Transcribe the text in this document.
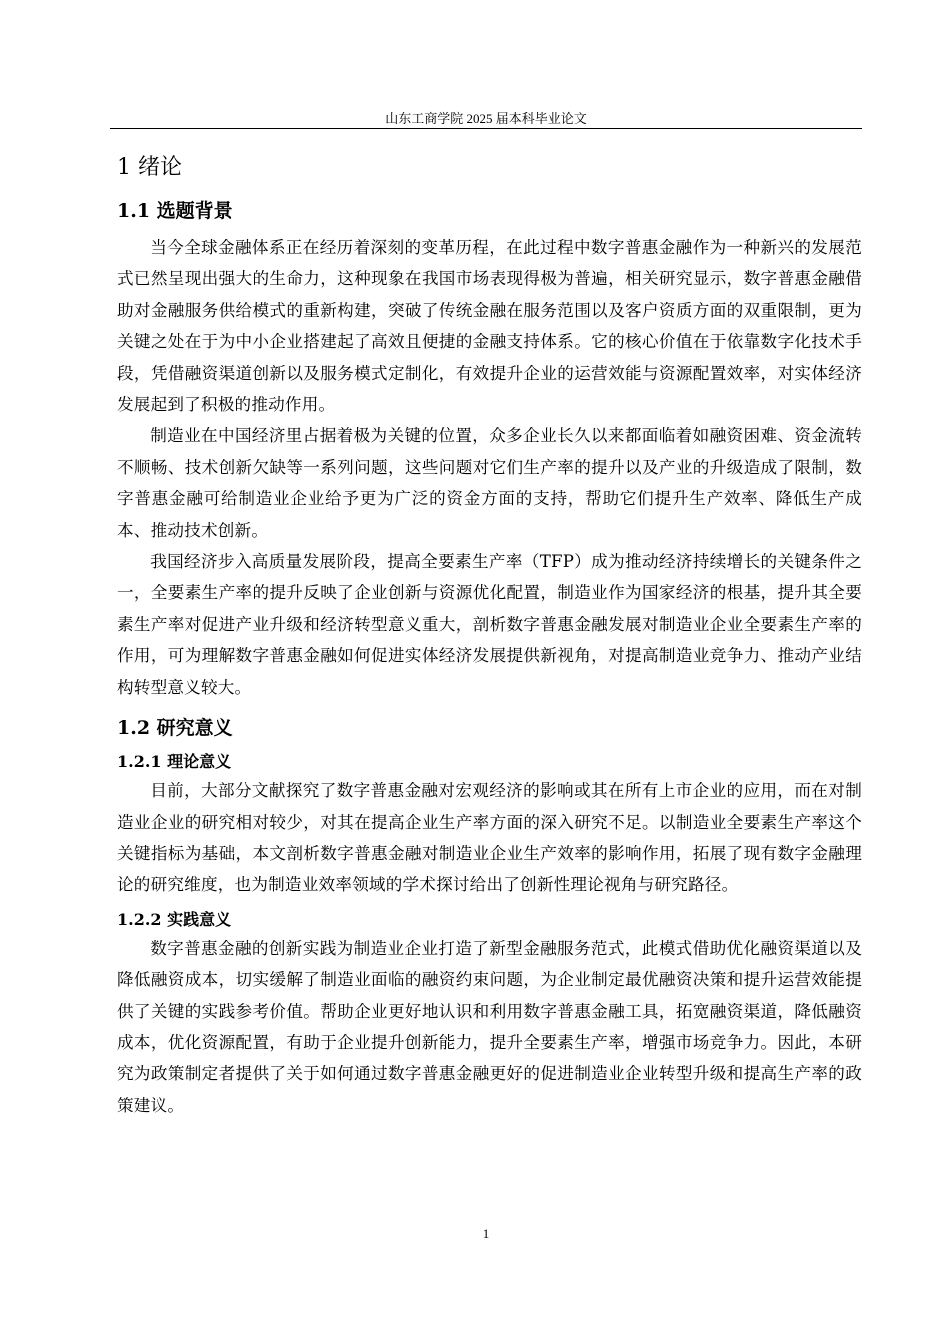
山东工商学院 2025 届本科毕业论文
1 绪论
1.1 选题背景

当今全球金融体系正在经历着深刻的变革历程，在此过程中数字普惠金融作为一种新兴的发展范式已然呈现出强大的生命力，这种现象在我国市场表现得极为普遍，相关研究显示，数字普惠金融借助对金融服务供给模式的重新构建，突破了传统金融在服务范围以及客户资质方面的双重限制，更为关键之处在于为中小企业搭建起了高效且便捷的金融支持体系。它的核心价值在于依靠数字化技术手段，凭借融资渠道创新以及服务模式定制化，有效提升企业的运营效能与资源配置效率，对实体经济发展起到了积极的推动作用。

制造业在中国经济里占据着极为关键的位置，众多企业长久以来都面临着如融资困难、资金流转不顺畅、技术创新欠缺等一系列问题，这些问题对它们生产率的提升以及产业的升级造成了限制，数字普惠金融可给制造业企业给予更为广泛的资金方面的支持，帮助它们提升生产效率、降低生产成本、推动技术创新。

我国经济步入高质量发展阶段，提高全要素生产率（TFP）成为推动经济持续增长的关键条件之一，全要素生产率的提升反映了企业创新与资源优化配置，制造业作为国家经济的根基，提升其全要素生产率对促进产业升级和经济转型意义重大，剖析数字普惠金融发展对制造业企业全要素生产率的作用，可为理解数字普惠金融如何促进实体经济发展提供新视角，对提高制造业竞争力、推动产业结构转型意义较大。

1.2 研究意义
1.2.1 理论意义

目前，大部分文献探究了数字普惠金融对宏观经济的影响或其在所有上市企业的应用，而在对制造业企业的研究相对较少，对其在提高企业生产率方面的深入研究不足。以制造业全要素生产率这个关键指标为基础，本文剖析数字普惠金融对制造业企业生产效率的影响作用，拓展了现有数字金融理论的研究维度，也为制造业效率领域的学术探讨给出了创新性理论视角与研究路径。

1.2.2 实践意义

数字普惠金融的创新实践为制造业企业打造了新型金融服务范式，此模式借助优化融资渠道以及降低融资成本，切实缓解了制造业面临的融资约束问题，为企业制定最优融资决策和提升运营效能提供了关键的实践参考价值。帮助企业更好地认识和利用数字普惠金融工具，拓宽融资渠道，降低融资成本，优化资源配置，有助于企业提升创新能力，提升全要素生产率，增强市场竞争力。因此，本研究为政策制定者提供了关于如何通过数字普惠金融更好的促进制造业企业转型升级和提高生产率的政策建议。

1
